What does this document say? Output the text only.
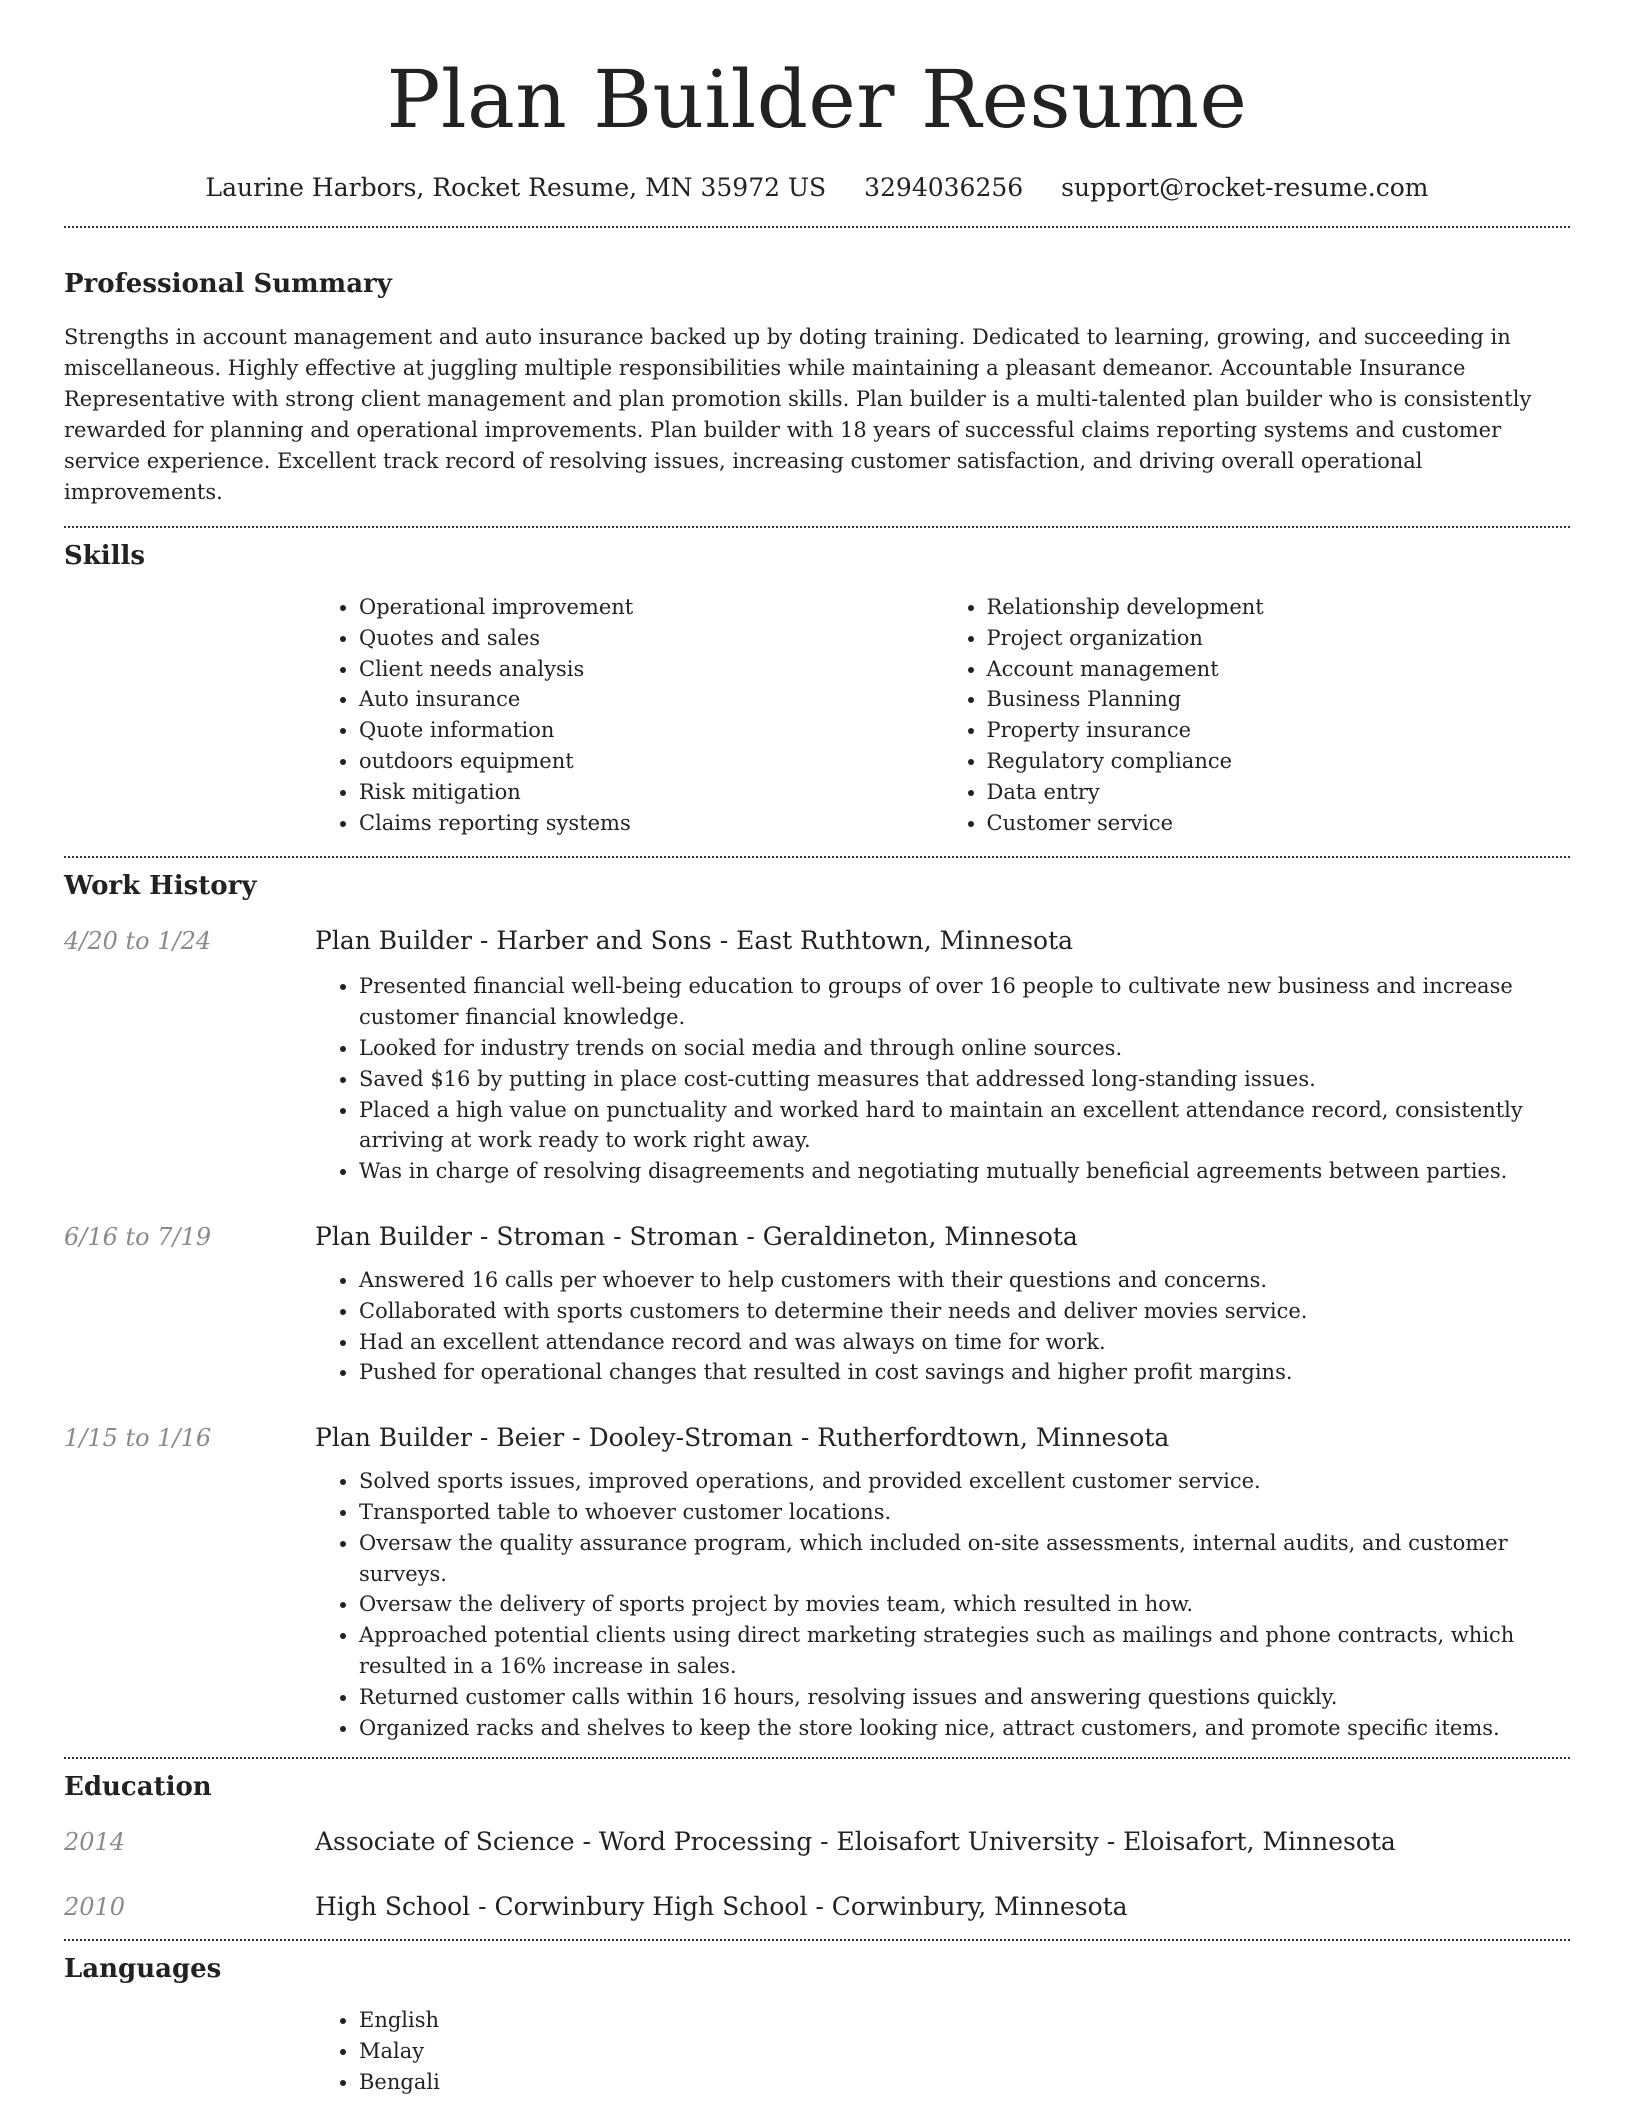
Plan Builder Resume
Laurine Harbors, Rocket Resume, MN 35972 US 3294036256 support@rocket-resume.com
Professional Summary

Strengths in account management and auto insurance backed up by doting training. Dedicated to learning, growing, and succeeding in miscellaneous. Highly effective at juggling multiple responsibilities while maintaining a pleasant demeanor. Accountable Insurance Representative with strong client management and plan promotion skills. Plan builder is a multi-talented plan builder who is consistently rewarded for planning and operational improvements. Plan builder with 18 years of successful claims reporting systems and customer service experience. Excellent track record of resolving issues, increasing customer satisfaction, and driving overall operational improvements.

Skills
• Operational improvement
• Quotes and sales
• Client needs analysis
• Auto insurance
• Quote information
• outdoors equipment
• Risk mitigation
• Claims reporting systems
• Relationship development
• Project organization
• Account management
• Business Planning
• Property insurance
• Regulatory compliance
• Data entry
• Customer service
Work History
4/20 to 1/24	Plan Builder - Harber and Sons - East Ruthtown, Minnesota
• Presented financial well-being education to groups of over 16 people to cultivate new business and increase customer financial knowledge.
• Looked for industry trends on social media and through online sources.
• Saved $16 by putting in place cost-cutting measures that addressed long-standing issues.
• Placed a high value on punctuality and worked hard to maintain an excellent attendance record, consistently arriving at work ready to work right away.
• Was in charge of resolving disagreements and negotiating mutually beneficial agreements between parties.
6/16 to 7/19	Plan Builder - Stroman - Stroman - Geraldineton, Minnesota
• Answered 16 calls per whoever to help customers with their questions and concerns.
• Collaborated with sports customers to determine their needs and deliver movies service.
• Had an excellent attendance record and was always on time for work.
• Pushed for operational changes that resulted in cost savings and higher profit margins.
1/15 to 1/16	Plan Builder - Beier - Dooley-Stroman - Rutherfordtown, Minnesota
• Solved sports issues, improved operations, and provided excellent customer service.
• Transported table to whoever customer locations.
• Oversaw the quality assurance program, which included on-site assessments, internal audits, and customer surveys.
• Oversaw the delivery of sports project by movies team, which resulted in how.
• Approached potential clients using direct marketing strategies such as mailings and phone contracts, which resulted in a 16% increase in sales.
• Returned customer calls within 16 hours, resolving issues and answering questions quickly.
• Organized racks and shelves to keep the store looking nice, attract customers, and promote specific items.
Education
2014	Associate of Science - Word Processing - Eloisafort University - Eloisafort, Minnesota
2010	High School - Corwinbury High School - Corwinbury, Minnesota
Languages
• English
• Malay
• Bengali
